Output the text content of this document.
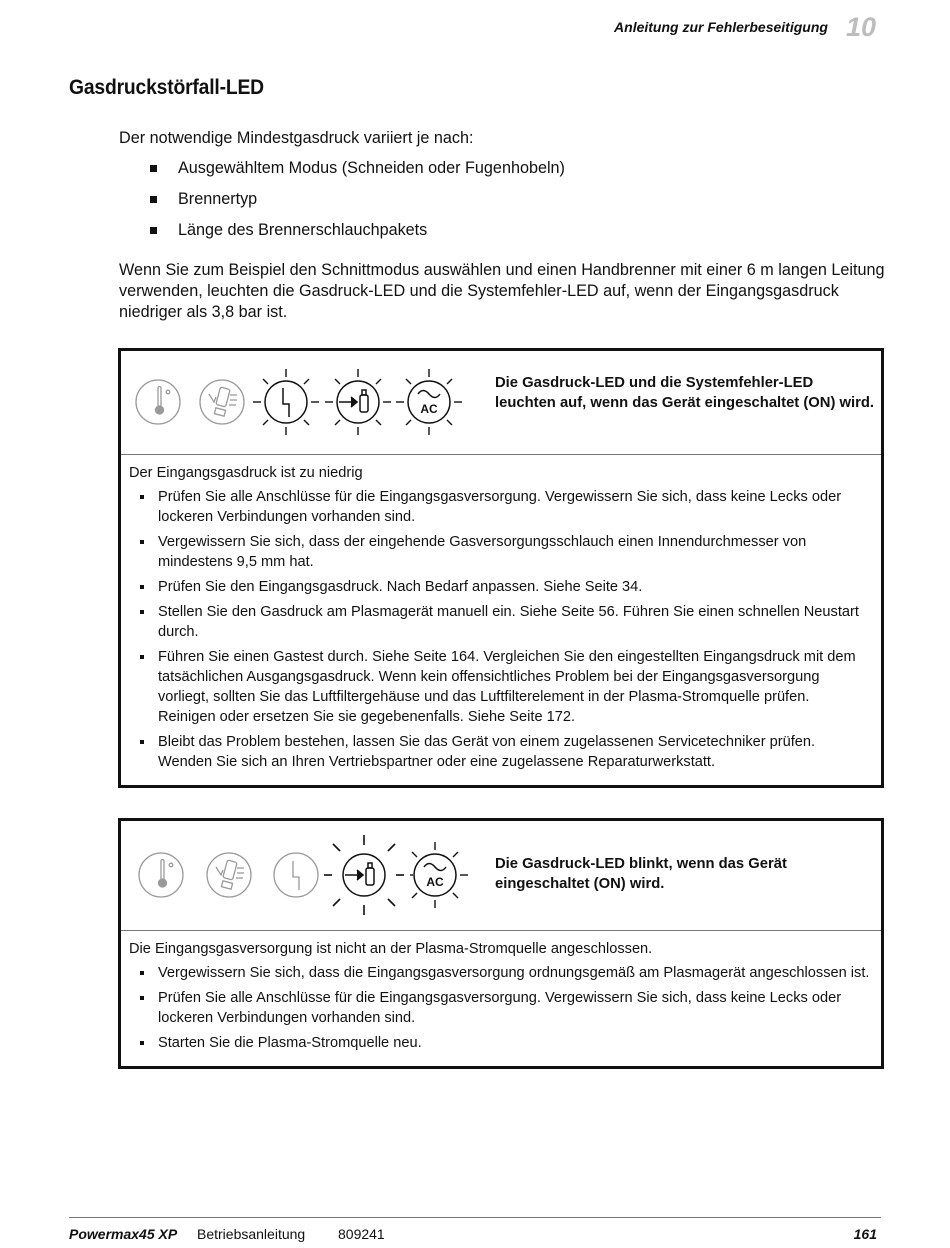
Anleitung zur Fehlerbeseitigung 10
Gasdruckstörfall-LED

Der notwendige Mindestgasdruck variiert je nach:

Ausgewähltem Modus (Schneiden oder Fugenhobeln)
Brennertyp
Länge des Brennerschlauchpakets

Wenn Sie zum Beispiel den Schnittmodus auswählen und einen Handbrenner mit einer 6 m langen Leitung verwenden, leuchten die Gasdruck-LED und die Systemfehler-LED auf, wenn der Eingangsgasdruck niedriger als 3,8 bar ist.

AC
Die Gasdruck-LED und die Systemfehler-LED leuchten auf, wenn das Gerät eingeschaltet (ON) wird.

Der Eingangsgasdruck ist zu niedrig

Prüfen Sie alle Anschlüsse für die Eingangsgasversorgung. Vergewissern Sie sich, dass keine Lecks oder lockeren Verbindungen vorhanden sind.
Vergewissern Sie sich, dass der eingehende Gasversorgungsschlauch einen Innendurchmesser von mindestens 9,5 mm hat.
Prüfen Sie den Eingangsgasdruck. Nach Bedarf anpassen. Siehe Seite 34.
Stellen Sie den Gasdruck am Plasmagerät manuell ein. Siehe Seite 56. Führen Sie einen schnellen Neustart durch.
Führen Sie einen Gastest durch. Siehe Seite 164. Vergleichen Sie den eingestellten Eingangsdruck mit dem tatsächlichen Ausgangsgasdruck. Wenn kein offensichtliches Problem bei der Eingangsgasversorgung vorliegt, sollten Sie das Luftfiltergehäuse und das Luftfilterelement in der Plasma-Stromquelle prüfen. Reinigen oder ersetzen Sie sie gegebenenfalls. Siehe Seite 172.
Bleibt das Problem bestehen, lassen Sie das Gerät von einem zugelassenen Servicetechniker prüfen. Wenden Sie sich an Ihren Vertriebspartner oder eine zugelassene Reparaturwerkstatt.
AC
Die Gasdruck-LED blinkt, wenn das Gerät eingeschaltet (ON) wird.

Die Eingangsgasversorgung ist nicht an der Plasma-Stromquelle angeschlossen.

Vergewissern Sie sich, dass die Eingangsgasversorgung ordnungsgemäß am Plasmagerät angeschlossen ist.
Prüfen Sie alle Anschlüsse für die Eingangsgasversorgung. Vergewissern Sie sich, dass keine Lecks oder lockeren Verbindungen vorhanden sind.
Starten Sie die Plasma-Stromquelle neu.
Powermax45 XP Betriebsanleitung 809241	161
